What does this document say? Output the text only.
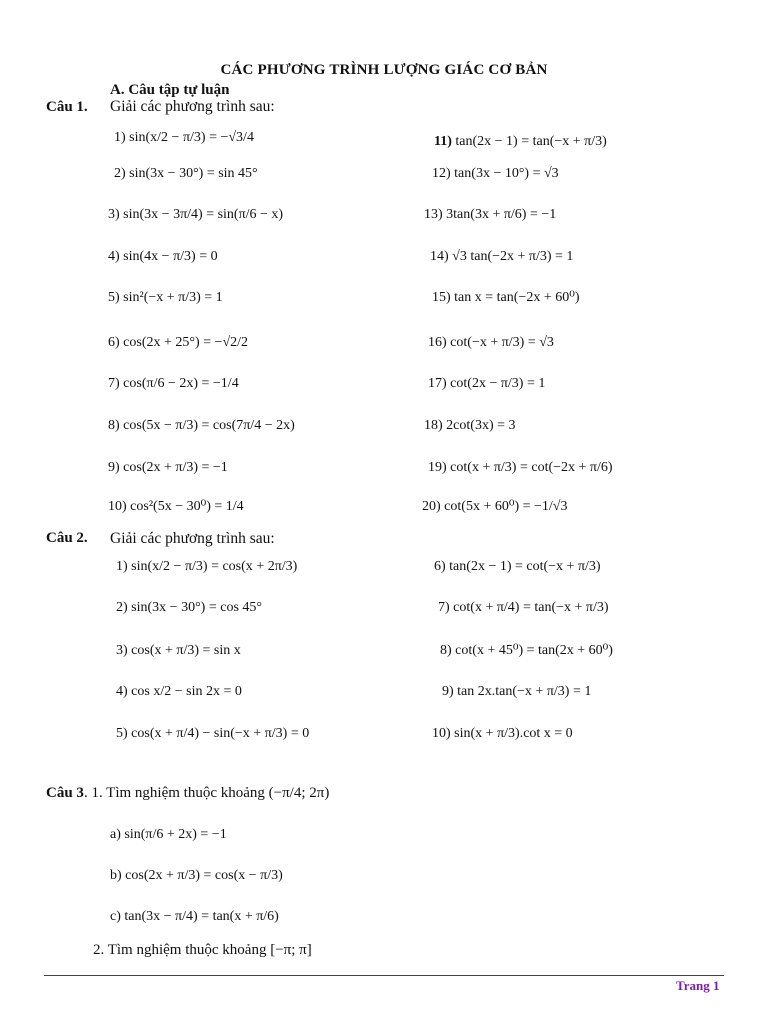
CÁC PHƯƠNG TRÌNH LƯỢNG GIÁC CƠ BẢN
A. Câu tập tự luận
Câu 1. Giải các phương trình sau:
1) sin(x/2 − π/3) = −√3/4
2) sin(3x − 30°) = sin 45°
3) sin(3x − 3π/4) = sin(π/6 − x)
4) sin(4x − π/3) = 0
5) sin²(−x + π/3) = 1
6) cos(2x + 25°) = −√2/2
7) cos(π/6 − 2x) = −1/4
8) cos(5x − π/3) = cos(7π/4 − 2x)
9) cos(2x + π/3) = −1
10) cos²(5x − 30⁰) = 1/4
11) tan(2x − 1) = tan(−x + π/3)
12) tan(3x − 10°) = √3
13) 3tan(3x + π/6) = −1
14) √3 tan(−2x + π/3) = 1
15) tan x = tan(−2x + 60⁰)
16) cot(−x + π/3) = √3
17) cot(2x − π/3) = 1
18) 2cot(3x) = 3
19) cot(x + π/3) = cot(−2x + π/6)
20) cot(5x + 60⁰) = −1/√3
Câu 2. Giải các phương trình sau:
1) sin(x/2 − π/3) = cos(x + 2π/3)
2) sin(3x − 30°) = cos 45°
3) cos(x + π/3) = sin x
4) cos x/2 − sin 2x = 0
5) cos(x + π/4) − sin(−x + π/3) = 0
6) tan(2x − 1) = cot(−x + π/3)
7) cot(x + π/4) = tan(−x + π/3)
8) cot(x + 45⁰) = tan(2x + 60⁰)
9) tan 2x.tan(−x + π/3) = 1
10) sin(x + π/3).cot x = 0
Câu 3. 1. Tìm nghiệm thuộc khoảng (−π/4; 2π)
a) sin(π/6 + 2x) = −1
b) cos(2x + π/3) = cos(x − π/3)
c) tan(3x − π/4) = tan(x + π/6)
2. Tìm nghiệm thuộc khoảng [−π; π]
Trang 1
